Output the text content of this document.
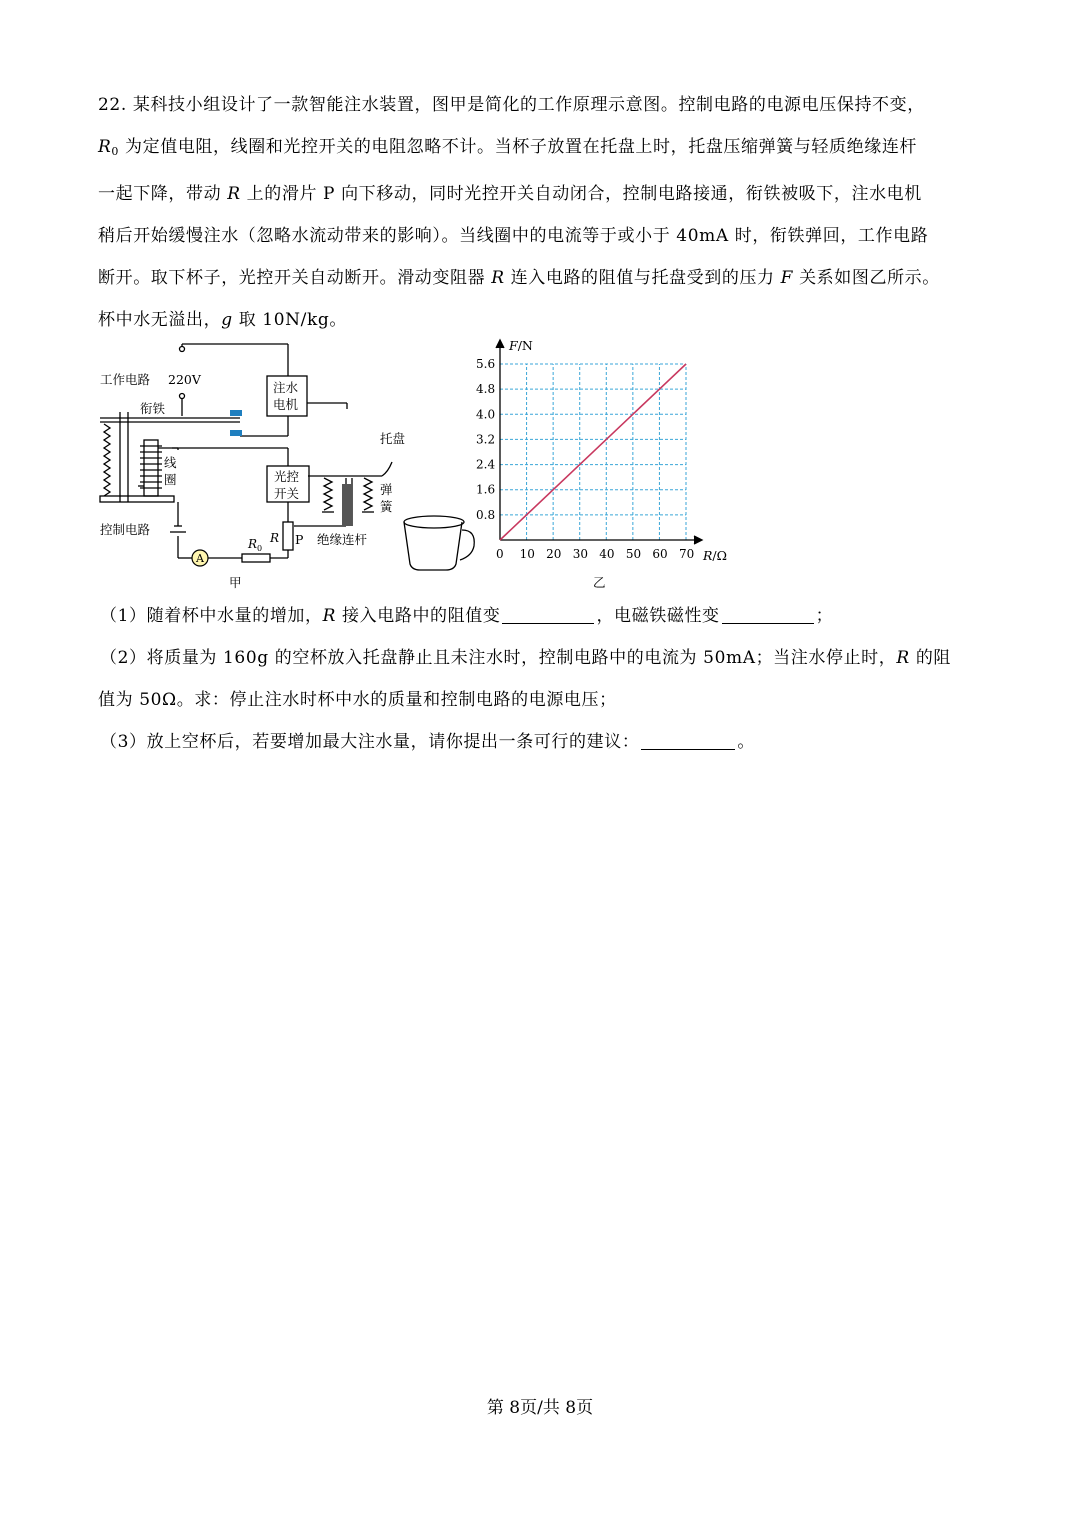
22. 某科技小组设计了一款智能注水装置，图甲是简化的工作原理示意图。控制电路的电源电压保持不变，
$R_0$ 为定值电阻，线圈和光控开关的电阻忽略不计。当杯子放置在托盘上时，托盘压缩弹簧与轻质绝缘连杆
一起下降，带动 R 上的滑片 P 向下移动，同时光控开关自动闭合，控制电路接通，衔铁被吸下，注水电机
稍后开始缓慢注水（忽略水流动带来的影响）。当线圈中的电流等于或小于 40mA 时，衔铁弹回，工作电路
断开。取下杯子，光控开关自动断开。滑动变阻器 R 连入电路的阻值与托盘受到的压力 F 关系如图乙所示。
杯中水无溢出，g 取 10N/kg。
A
工作电路 220V
衔铁
注水
电机
线
圈
托盘
光控
开关	弹
簧
控制电路
绝缘连杆
P
甲
R
$R_0$	0 10 20 30 40 50 60 70
0.8
1.6
2.4
3.2
4.0
4.8
5.6
F/N
R/Ω
乙
（1）随着杯中水量的增加，R 接入电路中的阻值变	，电磁铁磁性变	；
（2）将质量为 160g 的空杯放入托盘静止且未注水时，控制电路中的电流为 50mA；当注水停止时，R 的阻
值为 50Ω。求：停止注水时杯中水的质量和控制电路的电源电压；
（3）放上空杯后，若要增加最大注水量，请你提出一条可行的建议：	。
第 8页/共 8页
